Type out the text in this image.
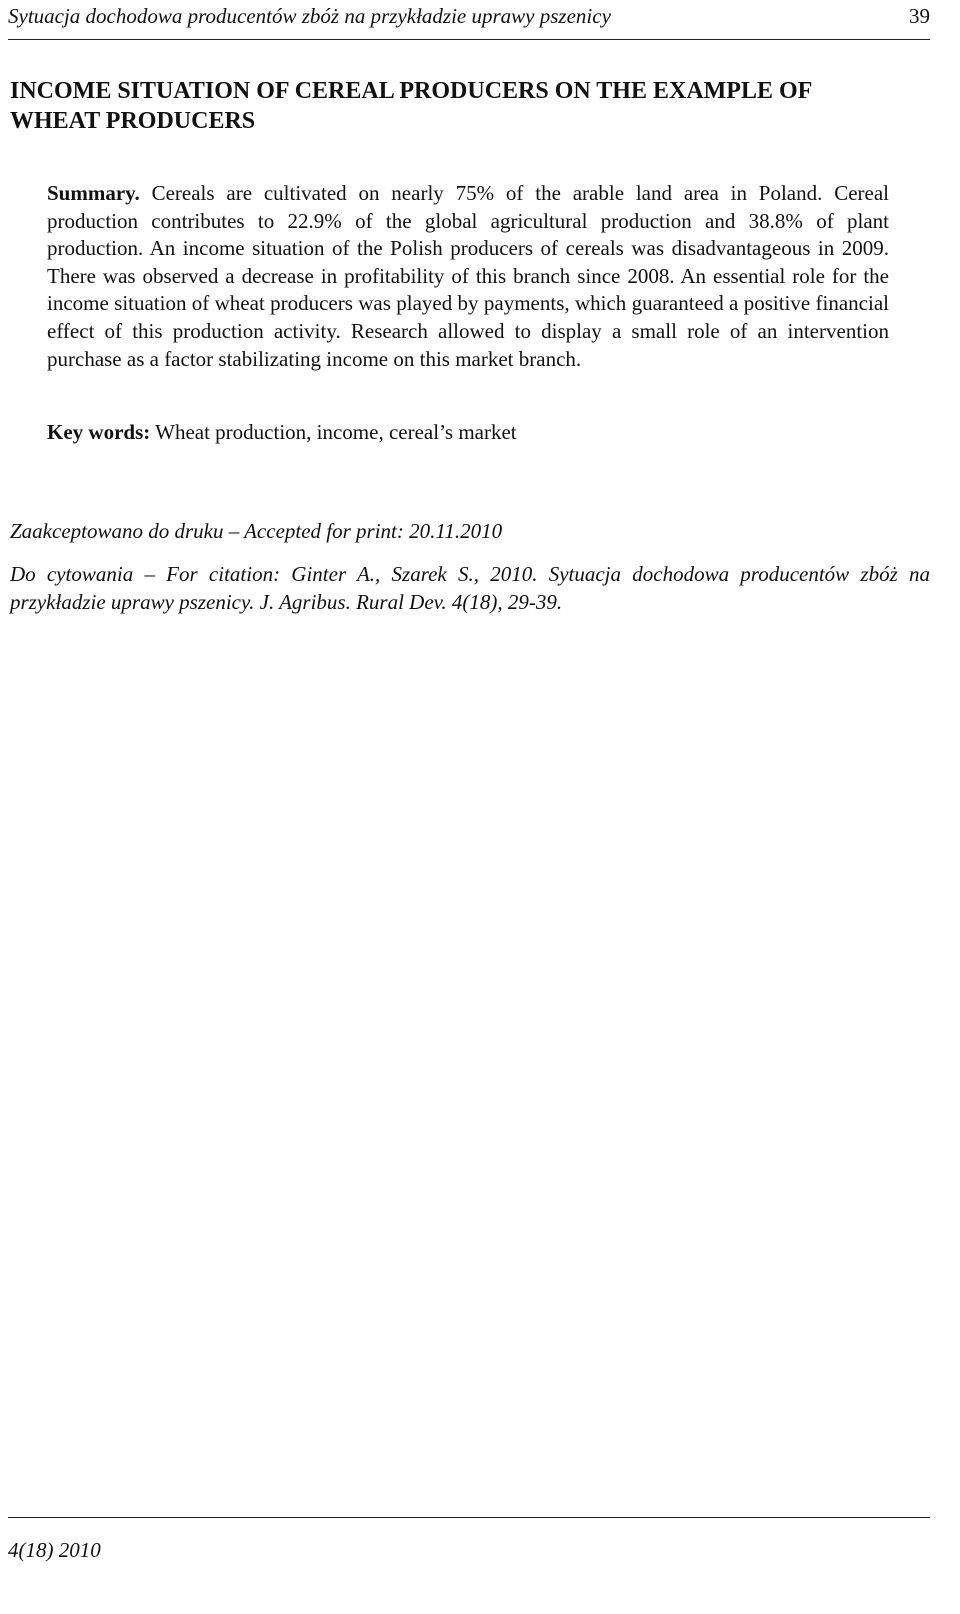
Sytuacja dochodowa producentów zbóż na przykładzie uprawy pszenicy	39
INCOME SITUATION OF CEREAL PRODUCERS ON THE EXAMPLE OF WHEAT PRODUCERS

Summary. Cereals are cultivated on nearly 75% of the arable land area in Poland. Cereal production contributes to 22.9% of the global agricultural production and 38.8% of plant production. An income situation of the Polish producers of cereals was disadvantageous in 2009. There was observed a decrease in profitability of this branch since 2008. An essential role for the income situation of wheat producers was played by payments, which guaranteed a positive financial effect of this production activity. Research allowed to display a small role of an intervention purchase as a factor stabilizating income on this market branch.

Key words: Wheat production, income, cereal’s market

Zaakceptowano do druku – Accepted for print: 20.11.2010

Do cytowania – For citation: Ginter A., Szarek S., 2010. Sytuacja dochodowa producentów zbóż na przykładzie uprawy pszenicy. J. Agribus. Rural Dev. 4(18), 29-39.

4(18) 2010
